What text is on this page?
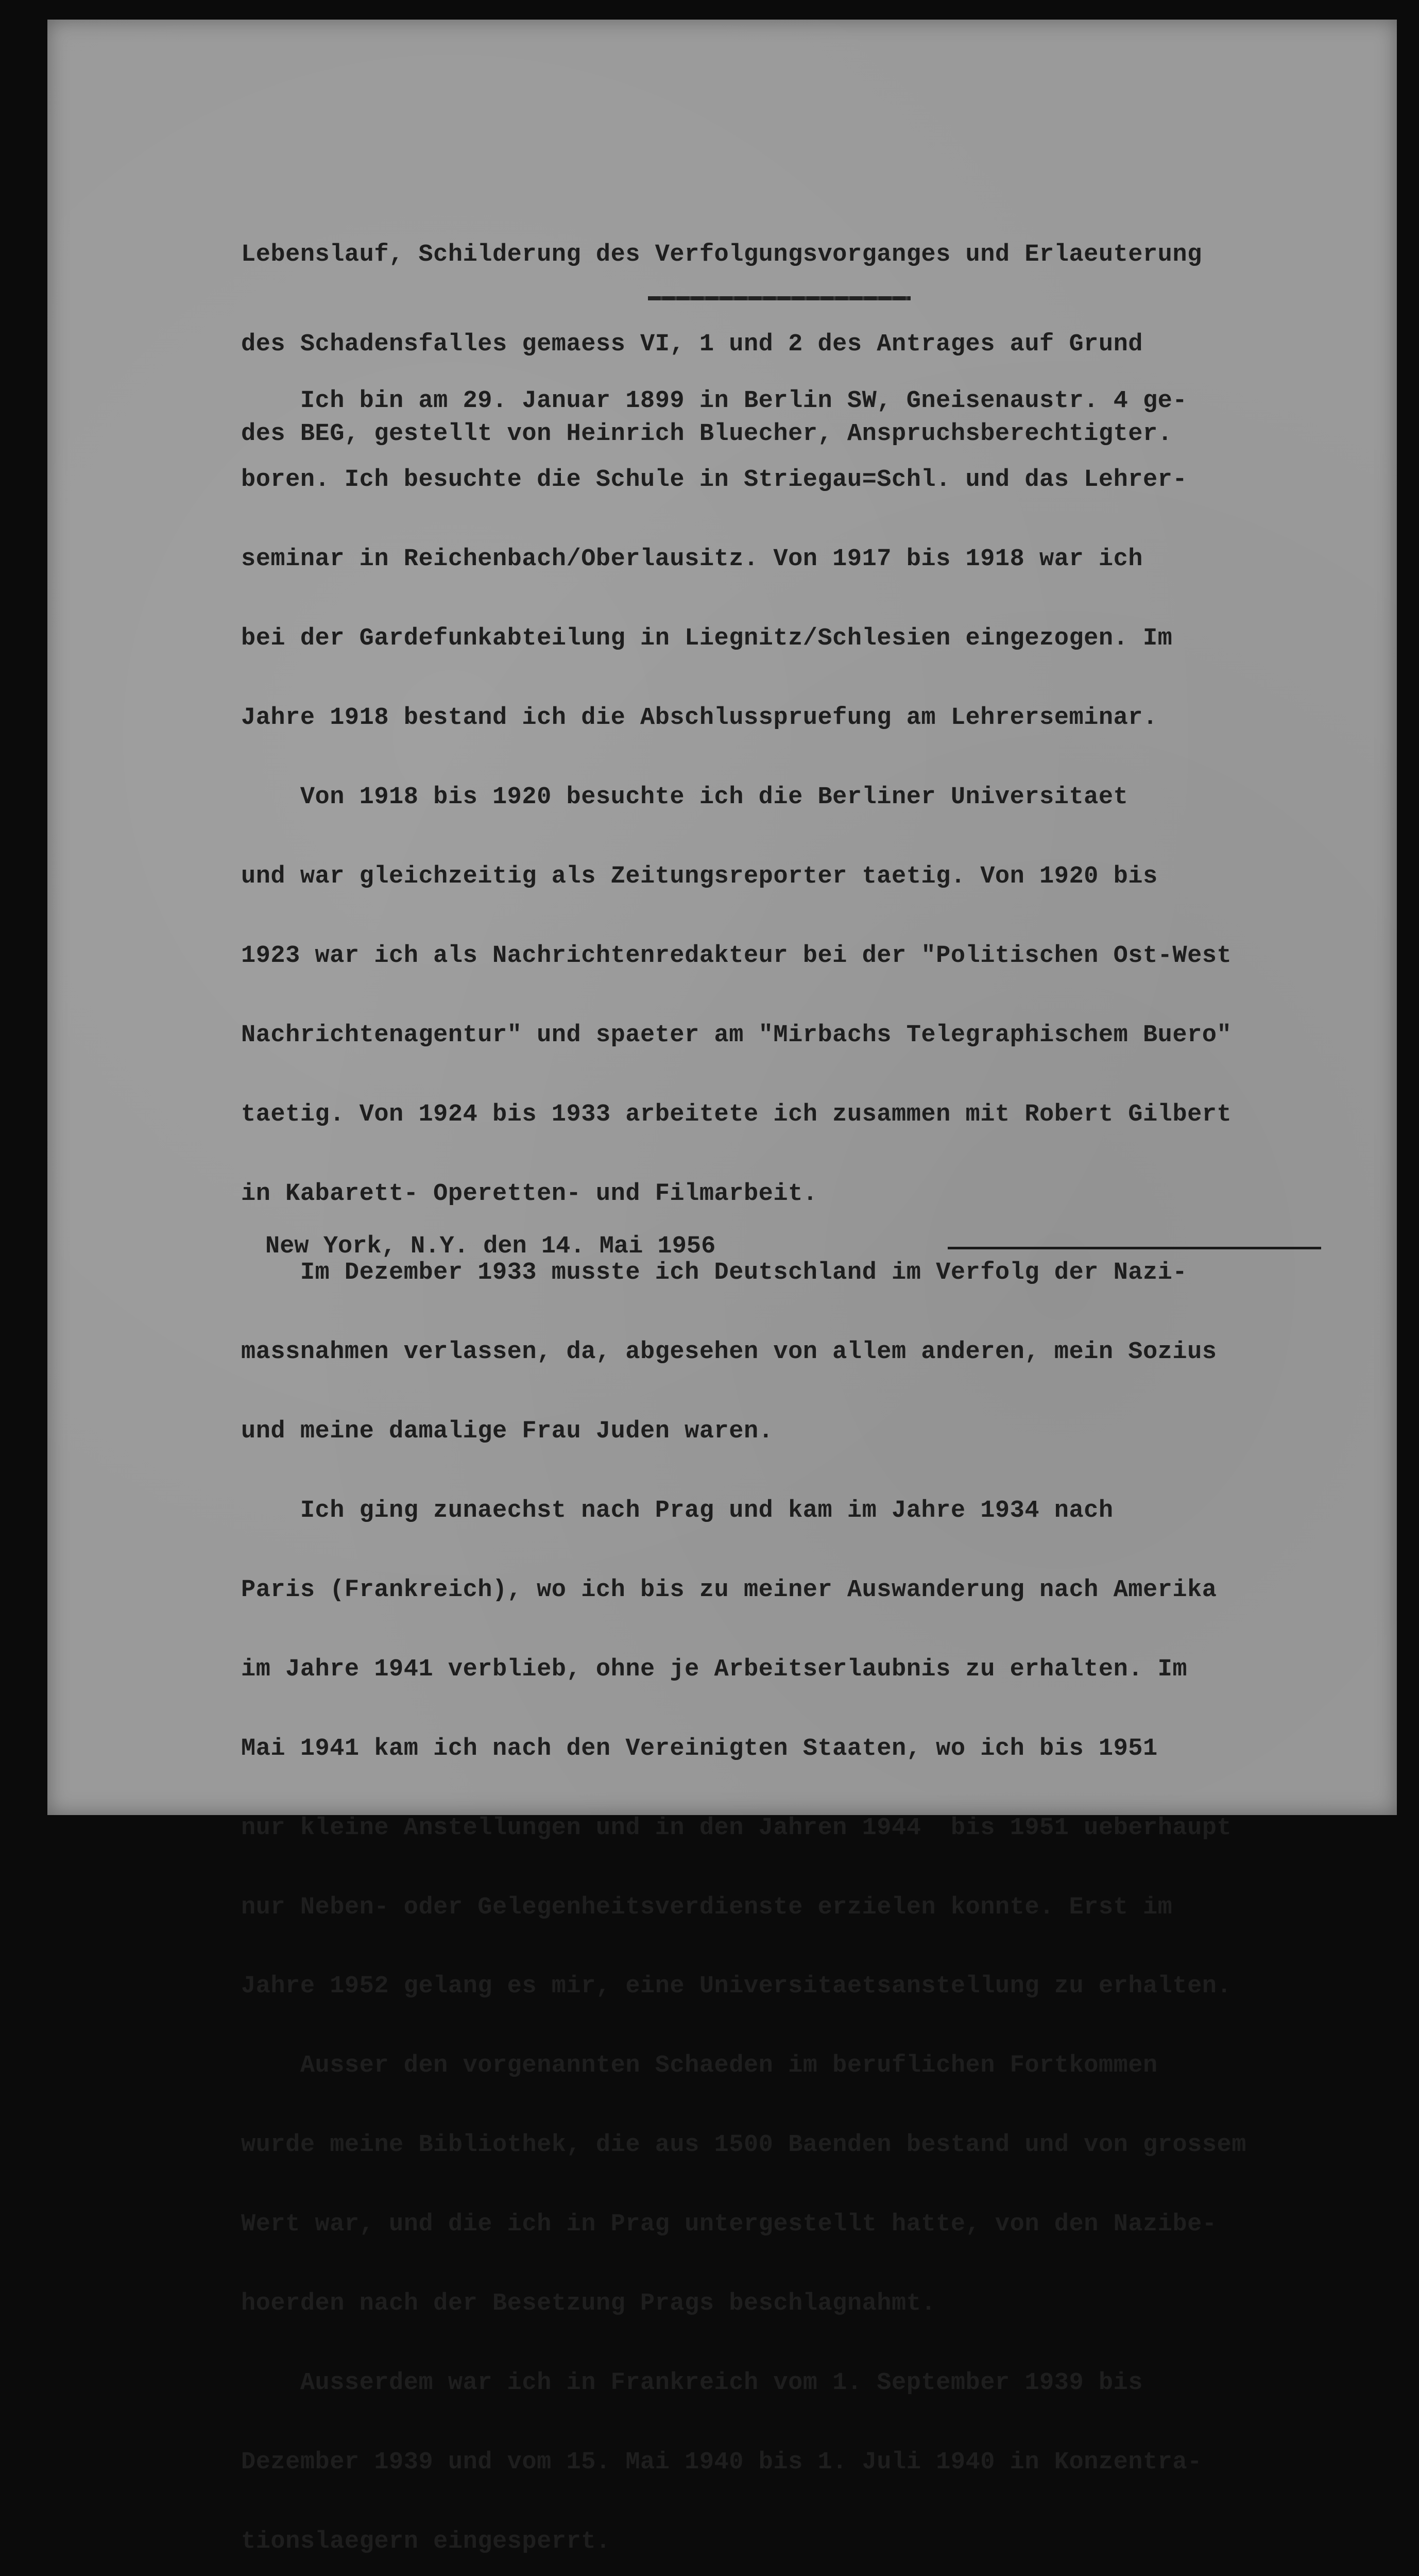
Lebenslauf, Schilderung des Verfolgungsvorganges und Erlaeuterung

des Schadensfalles gemaess VI, 1 und 2 des Antrages auf Grund

des BEG, gestellt von Heinrich Bluecher, Anspruchsberechtigter.

Ich bin am 29. Januar 1899 in Berlin SW, Gneisenaustr. 4 ge-

boren. Ich besuchte die Schule in Striegau=Schl. und das Lehrer-

seminar in Reichenbach/Oberlausitz. Von 1917 bis 1918 war ich

bei der Gardefunkabteilung in Liegnitz/Schlesien eingezogen. Im

Jahre 1918 bestand ich die Abschlusspruefung am Lehrerseminar.

Von 1918 bis 1920 besuchte ich die Berliner Universitaet

und war gleichzeitig als Zeitungsreporter taetig. Von 1920 bis

1923 war ich als Nachrichtenredakteur bei der "Politischen Ost-West

Nachrichtenagentur" und spaeter am "Mirbachs Telegraphischem Buero"

taetig. Von 1924 bis 1933 arbeitete ich zusammen mit Robert Gilbert

in Kabarett- Operetten- und Filmarbeit.

Im Dezember 1933 musste ich Deutschland im Verfolg der Nazi-

massnahmen verlassen, da, abgesehen von allem anderen, mein Sozius

und meine damalige Frau Juden waren.

Ich ging zunaechst nach Prag und kam im Jahre 1934 nach

Paris (Frankreich), wo ich bis zu meiner Auswanderung nach Amerika

im Jahre 1941 verblieb, ohne je Arbeitserlaubnis zu erhalten. Im

Mai 1941 kam ich nach den Vereinigten Staaten, wo ich bis 1951

nur kleine Anstellungen und in den Jahren 1944  bis 1951 ueberhaupt

nur Neben- oder Gelegenheitsverdienste erzielen konnte. Erst im

Jahre 1952 gelang es mir, eine Universitaetsanstellung zu erhalten.

Ausser den vorgenannten Schaeden im beruflichen Fortkommen

wurde meine Bibliothek, die aus 1500 Baenden bestand und von grossem

Wert war, und die ich in Prag untergestellt hatte, von den Nazibe-

hoerden nach der Besetzung Prags beschlagnahmt.

Ausserdem war ich in Frankreich vom 1. September 1939 bis

Dezember 1939 und vom 15. Mai 1940 bis 1. Juli 1940 in Konzentra-

tionslaegern eingesperrt.

New York, N.Y. den 14. Mai 1956
